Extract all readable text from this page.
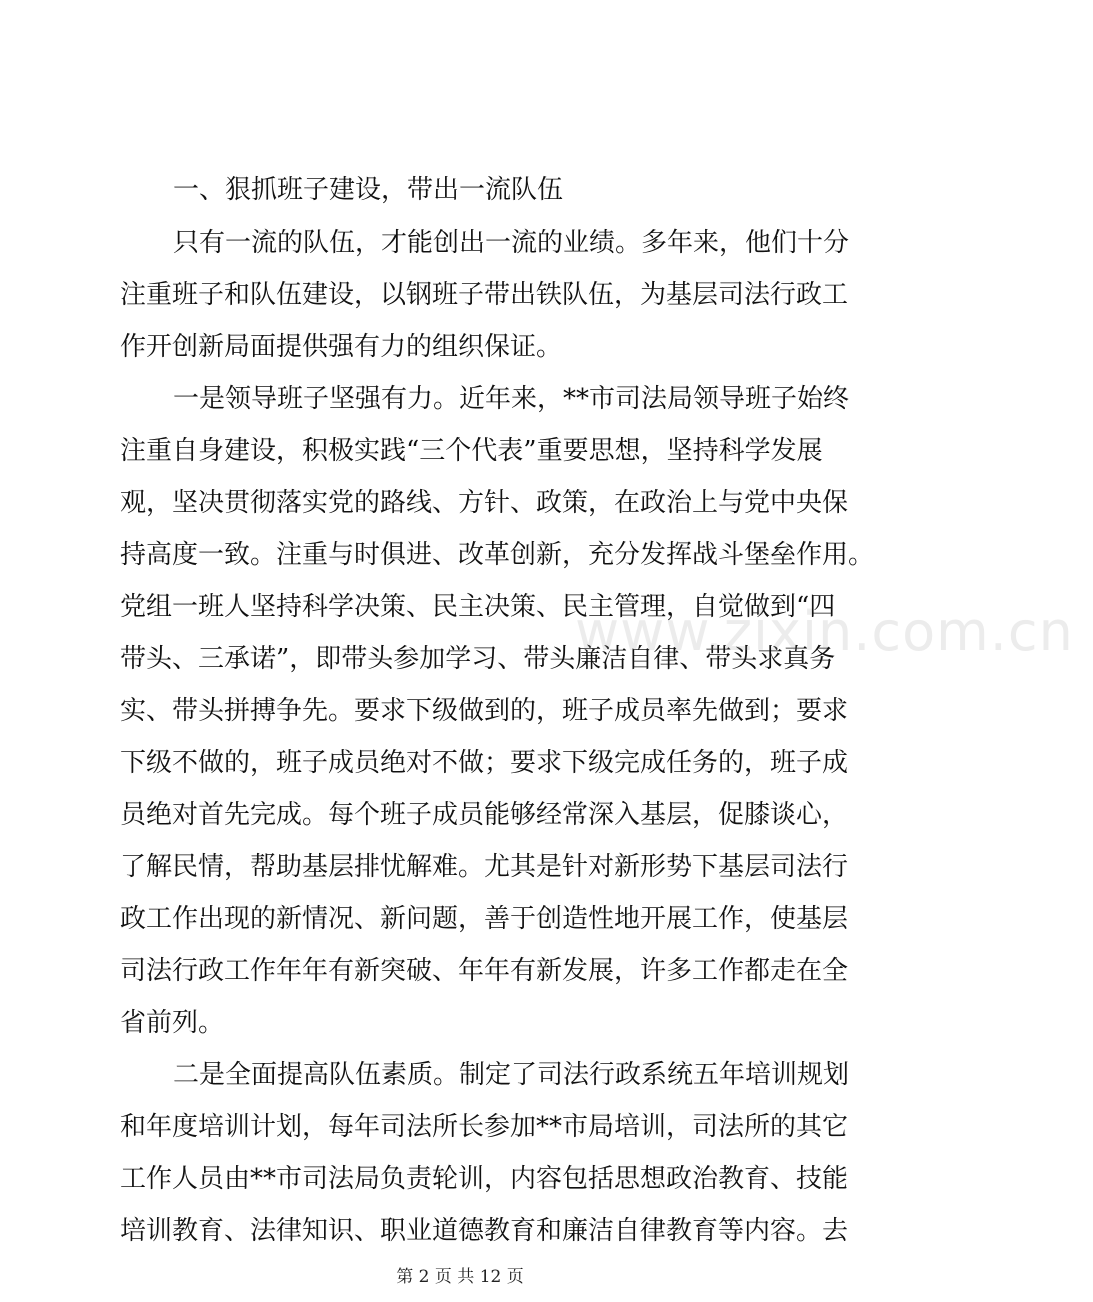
一、狠抓班子建设，带出一流队伍
只有一流的队伍，才能创出一流的业绩。多年来，他们十分
注重班子和队伍建设，以钢班子带出铁队伍，为基层司法行政工
作开创新局面提供强有力的组织保证。
一是领导班子坚强有力。近年来，**市司法局领导班子始终
注重自身建设，积极实践“三个代表”重要思想，坚持科学发展
观，坚决贯彻落实党的路线、方针、政策，在政治上与党中央保
持高度一致。注重与时俱进、改革创新，充分发挥战斗堡垒作用。
党组一班人坚持科学决策、民主决策、民主管理，自觉做到“四
带头、三承诺”，即带头参加学习、带头廉洁自律、带头求真务
实、带头拼搏争先。要求下级做到的，班子成员率先做到；要求
下级不做的，班子成员绝对不做；要求下级完成任务的，班子成
员绝对首先完成。每个班子成员能够经常深入基层，促膝谈心，
了解民情，帮助基层排忧解难。尤其是针对新形势下基层司法行
政工作出现的新情况、新问题，善于创造性地开展工作，使基层
司法行政工作年年有新突破、年年有新发展，许多工作都走在全
省前列。
二是全面提高队伍素质。制定了司法行政系统五年培训规划
和年度培训计划，每年司法所长参加**市局培训，司法所的其它
工作人员由**市司法局负责轮训，内容包括思想政治教育、技能
培训教育、法律知识、职业道德教育和廉洁自律教育等内容。去
www.zixin.com.cn
第 2 页 共 12 页
